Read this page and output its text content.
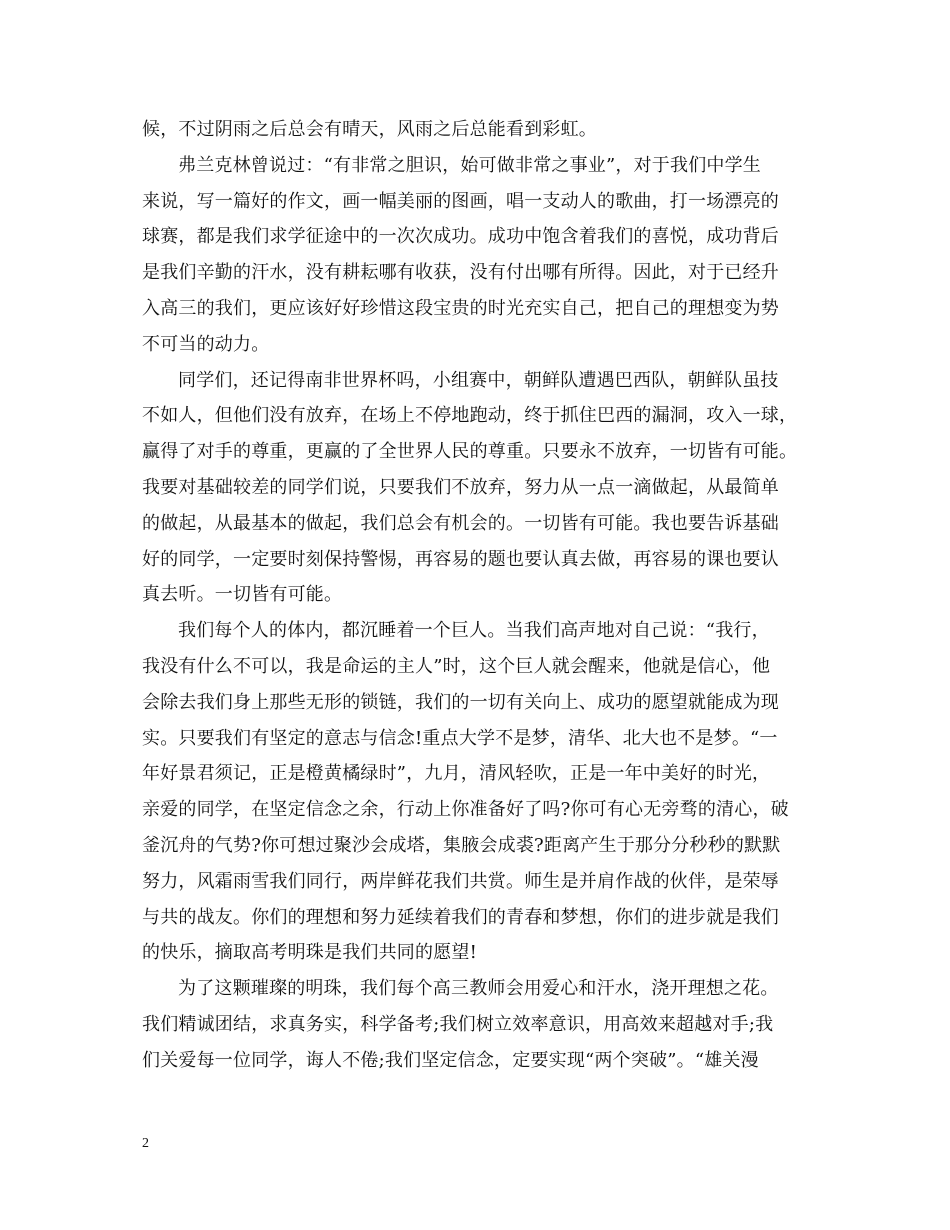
候，不过阴雨之后总会有晴天，风雨之后总能看到彩虹。
弗兰克林曾说过：“有非常之胆识，始可做非常之事业”，对于我们中学生
来说，写一篇好的作文，画一幅美丽的图画，唱一支动人的歌曲，打一场漂亮的
球赛，都是我们求学征途中的一次次成功。成功中饱含着我们的喜悦，成功背后
是我们辛勤的汗水，没有耕耘哪有收获，没有付出哪有所得。因此，对于已经升
入高三的我们，更应该好好珍惜这段宝贵的时光充实自己，把自己的理想变为势
不可当的动力。
同学们，还记得南非世界杯吗，小组赛中，朝鲜队遭遇巴西队，朝鲜队虽技
不如人，但他们没有放弃，在场上不停地跑动，终于抓住巴西的漏洞，攻入一球，
赢得了对手的尊重，更赢的了全世界人民的尊重。只要永不放弃，一切皆有可能。
我要对基础较差的同学们说，只要我们不放弃，努力从一点一滴做起，从最简单
的做起，从最基本的做起，我们总会有机会的。一切皆有可能。我也要告诉基础
好的同学，一定要时刻保持警惕，再容易的题也要认真去做，再容易的课也要认
真去听。一切皆有可能。
我们每个人的体内，都沉睡着一个巨人。当我们高声地对自己说：“我行，
我没有什么不可以，我是命运的主人”时，这个巨人就会醒来，他就是信心，他
会除去我们身上那些无形的锁链，我们的一切有关向上、成功的愿望就能成为现
实。只要我们有坚定的意志与信念!重点大学不是梦，清华、北大也不是梦。“一
年好景君须记，正是橙黄橘绿时”，九月，清风轻吹，正是一年中美好的时光，
亲爱的同学，在坚定信念之余，行动上你准备好了吗?你可有心无旁骛的清心，破
釜沉舟的气势?你可想过聚沙会成塔，集腋会成裘?距离产生于那分分秒秒的默默
努力，风霜雨雪我们同行，两岸鲜花我们共赏。师生是并肩作战的伙伴，是荣辱
与共的战友。你们的理想和努力延续着我们的青春和梦想，你们的进步就是我们
的快乐，摘取高考明珠是我们共同的愿望!
为了这颗璀璨的明珠，我们每个高三教师会用爱心和汗水，浇开理想之花。
我们精诚团结，求真务实，科学备考;我们树立效率意识，用高效来超越对手;我
们关爱每一位同学，诲人不倦;我们坚定信念，定要实现“两个突破”。“雄关漫
2
